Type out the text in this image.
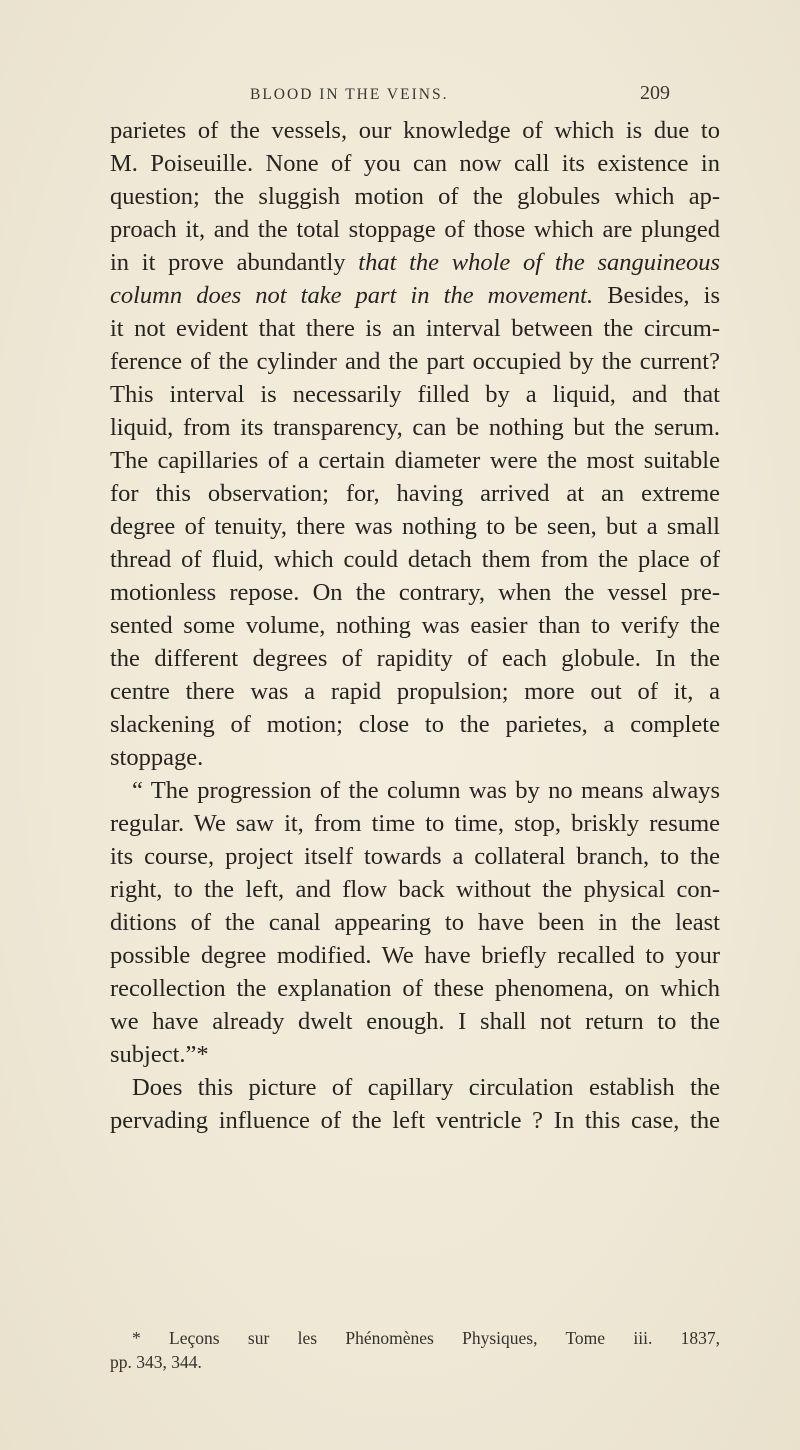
BLOOD IN THE VEINS.	209
parietes of the vessels, our knowledge of which is due to
M. Poiseuille. None of you can now call its existence in
question; the sluggish motion of the globules which ap-
proach it, and the total stoppage of those which are plunged
in it prove abundantly that the whole of the sanguineous
column does not take part in the movement. Besides, is
it not evident that there is an interval between the circum-
ference of the cylinder and the part occupied by the current?
This interval is necessarily filled by a liquid, and that
liquid, from its transparency, can be nothing but the serum.
The capillaries of a certain diameter were the most suitable
for this observation; for, having arrived at an extreme
degree of tenuity, there was nothing to be seen, but a small
thread of fluid, which could detach them from the place of
motionless repose. On the contrary, when the vessel pre-
sented some volume, nothing was easier than to verify the
the different degrees of rapidity of each globule. In the
centre there was a rapid propulsion; more out of it, a
slackening of motion; close to the parietes, a complete
stoppage.
“ The progression of the column was by no means always
regular. We saw it, from time to time, stop, briskly resume
its course, project itself towards a collateral branch, to the
right, to the left, and flow back without the physical con-
ditions of the canal appearing to have been in the least
possible degree modified. We have briefly recalled to your
recollection the explanation of these phenomena, on which
we have already dwelt enough. I shall not return to the
subject.”*
Does this picture of capillary circulation establish the
pervading influence of the left ventricle ? In this case, the
* Leçons sur les Phénomènes Physiques, Tome iii. 1837,
pp. 343, 344.
